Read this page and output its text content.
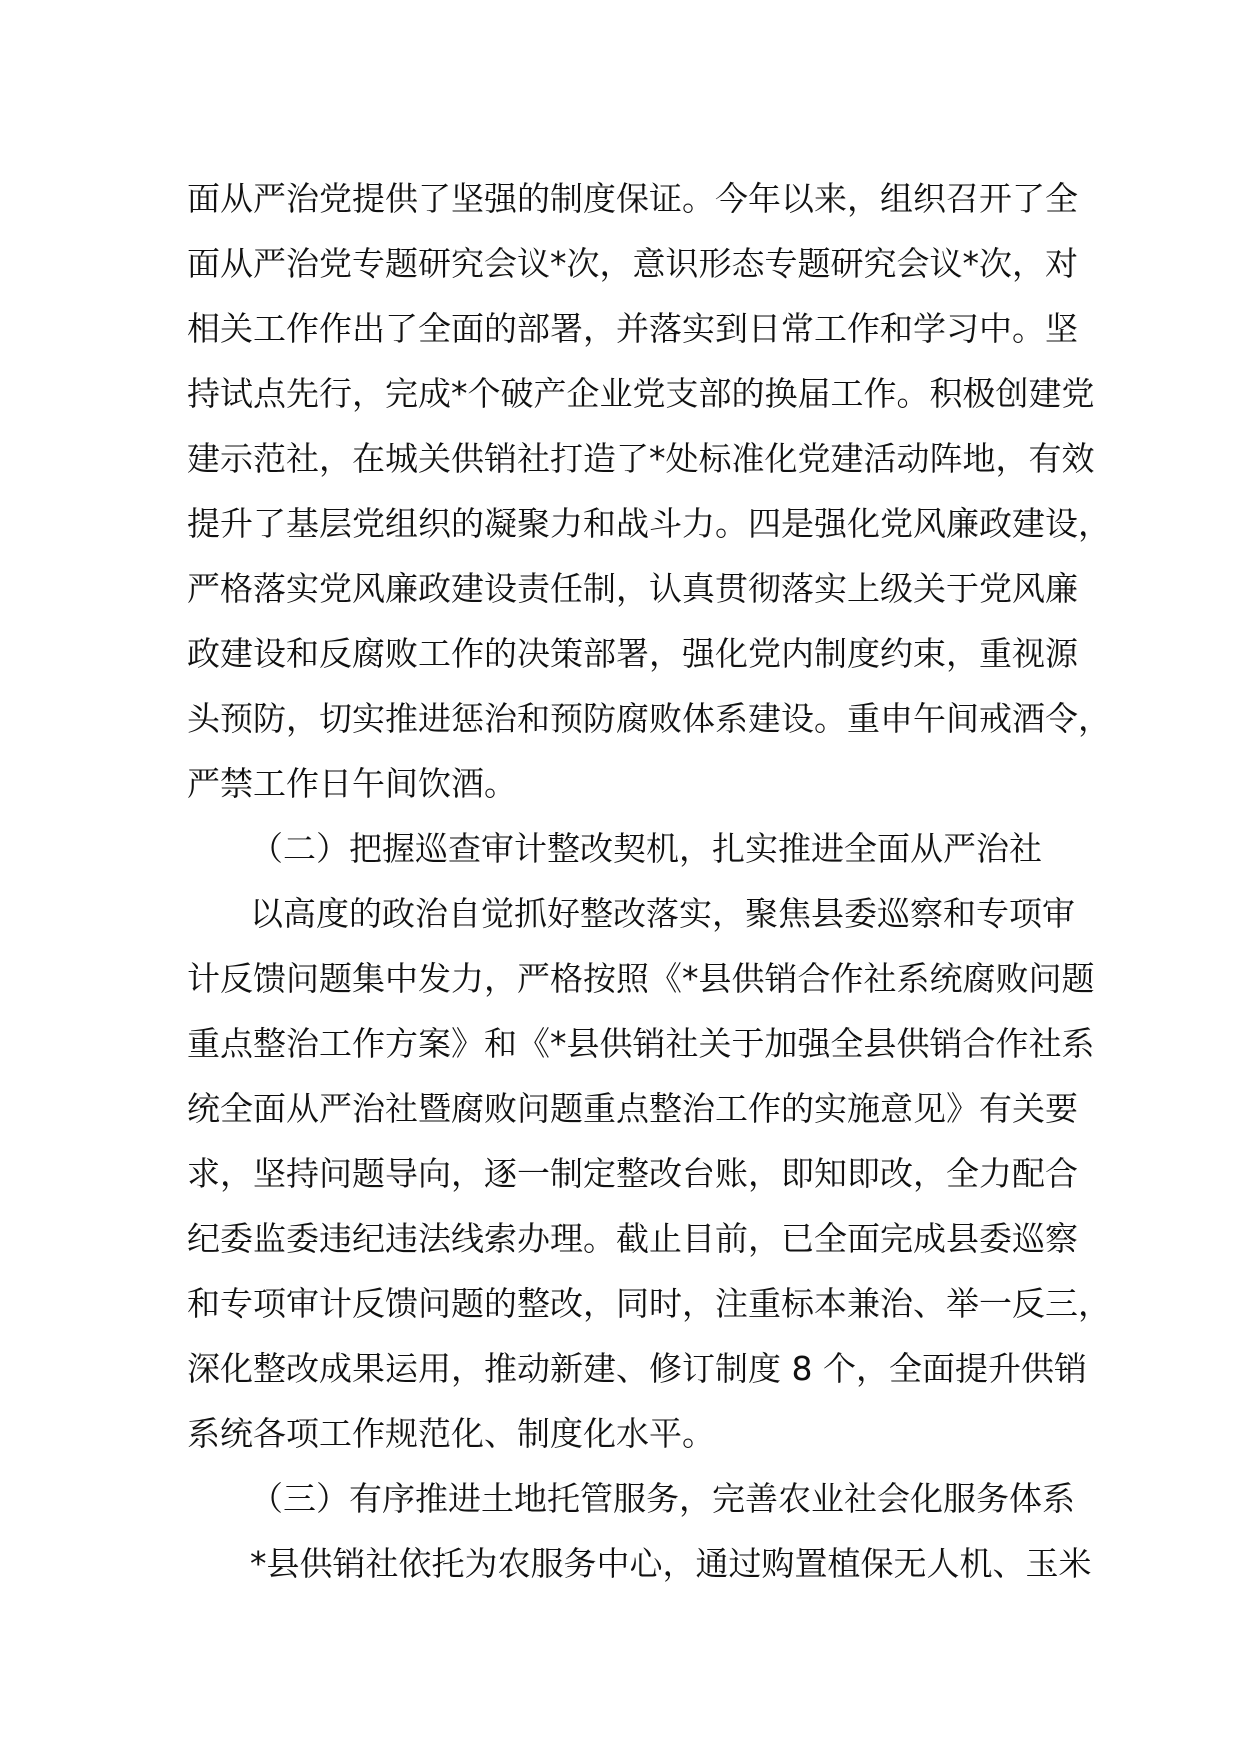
面从严治党提供了坚强的制度保证。今年以来，组织召开了全
面从严治党专题研究会议*次，意识形态专题研究会议*次，对
相关工作作出了全面的部署，并落实到日常工作和学习中。坚
持试点先行，完成*个破产企业党支部的换届工作。积极创建党
建示范社，在城关供销社打造了*处标准化党建活动阵地，有效
提升了基层党组织的凝聚力和战斗力。四是强化党风廉政建设，
严格落实党风廉政建设责任制，认真贯彻落实上级关于党风廉
政建设和反腐败工作的决策部署，强化党内制度约束，重视源
头预防，切实推进惩治和预防腐败体系建设。重申午间戒酒令，
严禁工作日午间饮酒。
（二）把握巡查审计整改契机，扎实推进全面从严治社
以高度的政治自觉抓好整改落实，聚焦县委巡察和专项审
计反馈问题集中发力，严格按照《*县供销合作社系统腐败问题
重点整治工作方案》和《*县供销社关于加强全县供销合作社系
统全面从严治社暨腐败问题重点整治工作的实施意见》有关要
求，坚持问题导向，逐一制定整改台账，即知即改，全力配合
纪委监委违纪违法线索办理。截止目前，已全面完成县委巡察
和专项审计反馈问题的整改，同时，注重标本兼治、举一反三，
深化整改成果运用，推动新建、修订制度 8 个，全面提升供销
系统各项工作规范化、制度化水平。
（三）有序推进土地托管服务，完善农业社会化服务体系
*县供销社依托为农服务中心，通过购置植保无人机、玉米
